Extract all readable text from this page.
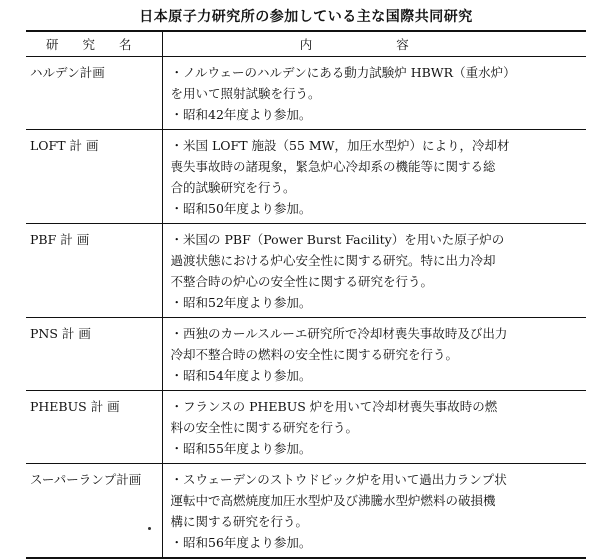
日本原子力研究所の参加している主な国際共同研究
研 究 名	内 容
ハルデン計画	・ノルウェーのハルデンにある動力試験炉 HBWR（重水炉）
を用いて照射試験を行う。
・昭和42年度より参加。

LOFT 計 画	・米国 LOFT 施設（55 MW，加圧水型炉）により，冷却材
喪失事故時の諸現象，緊急炉心冷却系の機能等に関する総
合的試験研究を行う。
・昭和50年度より参加。

PBF 計 画	・米国の PBF（Power Burst Facility）を用いた原子炉の
過渡状態における炉心安全性に関する研究。特に出力冷却
不整合時の炉心の安全性に関する研究を行う。
・昭和52年度より参加。

PNS 計 画	・西独のカールスルーエ研究所で冷却材喪失事故時及び出力
冷却不整合時の燃料の安全性に関する研究を行う。
・昭和54年度より参加。

PHEBUS 計 画	・フランスの PHEBUS 炉を用いて冷却材喪失事故時の燃
料の安全性に関する研究を行う。
・昭和55年度より参加。

スーパーランプ計画	・スウェーデンのストウドビック炉を用いて過出力ランプ状
運転中で高燃焼度加圧水型炉及び沸騰水型炉燃料の破損機
構に関する研究を行う。
・昭和56年度より参加。
